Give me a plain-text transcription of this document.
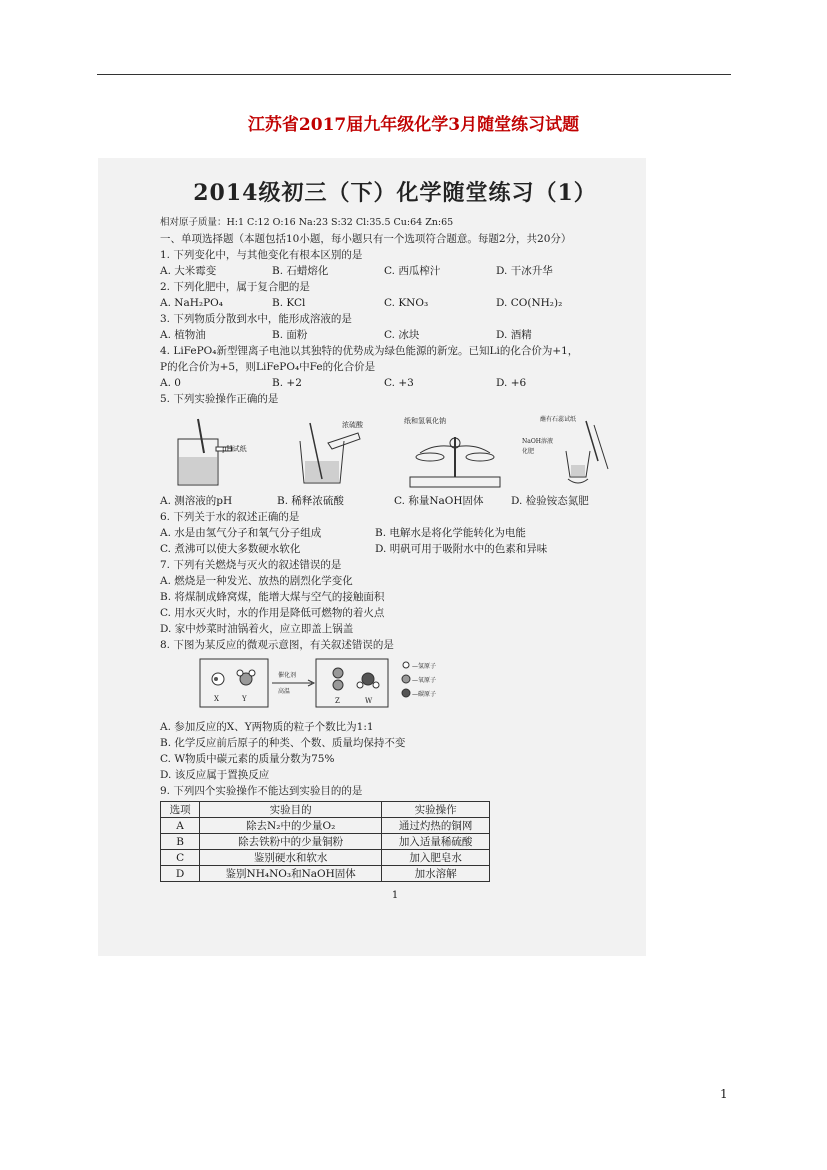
江苏省2017届九年级化学3月随堂练习试题
2014级初三（下）化学随堂练习（1）
相对原子质量：H:1 C:12 O:16 Na:23 S:32 Cl:35.5 Cu:64 Zn:65
一、单项选择题（本题包括10小题，每小题只有一个选项符合题意。每题2分，共20分）
1. 下列变化中，与其他变化有根本区别的是
A. 大米霉变	B. 石蜡熔化	C. 西瓜榨汁	D. 干冰升华
2. 下列化肥中，属于复合肥的是
A. NaH₂PO₄	B. KCl	C. KNO₃	D. CO(NH₂)₂
3. 下列物质分散到水中，能形成溶液的是
A. 植物油	B. 面粉	C. 冰块	D. 酒精
4. LiFePO₄新型锂离子电池以其独特的优势成为绿色能源的新宠。已知Li的化合价为+1，
P的化合价为+5，则LiFePO₄中Fe的化合价是
A. 0	B. +2	C. +3	D. +6
5. 下列实验操作正确的是
pH试纸
浓硫酸	纸和氢氧化钠	蘸有石蕊试纸
NaOH溶液
化肥
A. 测溶液的pH	B. 稀释浓硫酸	C. 称量NaOH固体	D. 检验铵态氮肥
6. 下列关于水的叙述正确的是
A. 水是由氢气分子和氧气分子组成	B. 电解水是将化学能转化为电能
C. 煮沸可以使大多数硬水软化	D. 明矾可用于吸附水中的色素和异味
7. 下列有关燃烧与灭火的叙述错误的是
A. 燃烧是一种发光、放热的剧烈化学变化
B. 将煤制成蜂窝煤，能增大煤与空气的接触面积
C. 用水灭火时，水的作用是降低可燃物的着火点
D. 家中炒菜时油锅着火，应立即盖上锅盖
8. 下图为某反应的微观示意图，有关叙述错误的是
X	Y
催化剂
高温
Z	W
—氢原子
—氧原子
—碳原子
A. 参加反应的X、Y两物质的粒子个数比为1:1
B. 化学反应前后原子的种类、个数、质量均保持不变
C. W物质中碳元素的质量分数为75%
D. 该反应属于置换反应
9. 下列四个实验操作不能达到实验目的的是
选项	实验目的	实验操作
A	除去N₂中的少量O₂	通过灼热的铜网
B	除去铁粉中的少量铜粉	加入适量稀硫酸
C	鉴别硬水和软水	加入肥皂水
D	鉴别NH₄NO₃和NaOH固体	加水溶解
1
1
